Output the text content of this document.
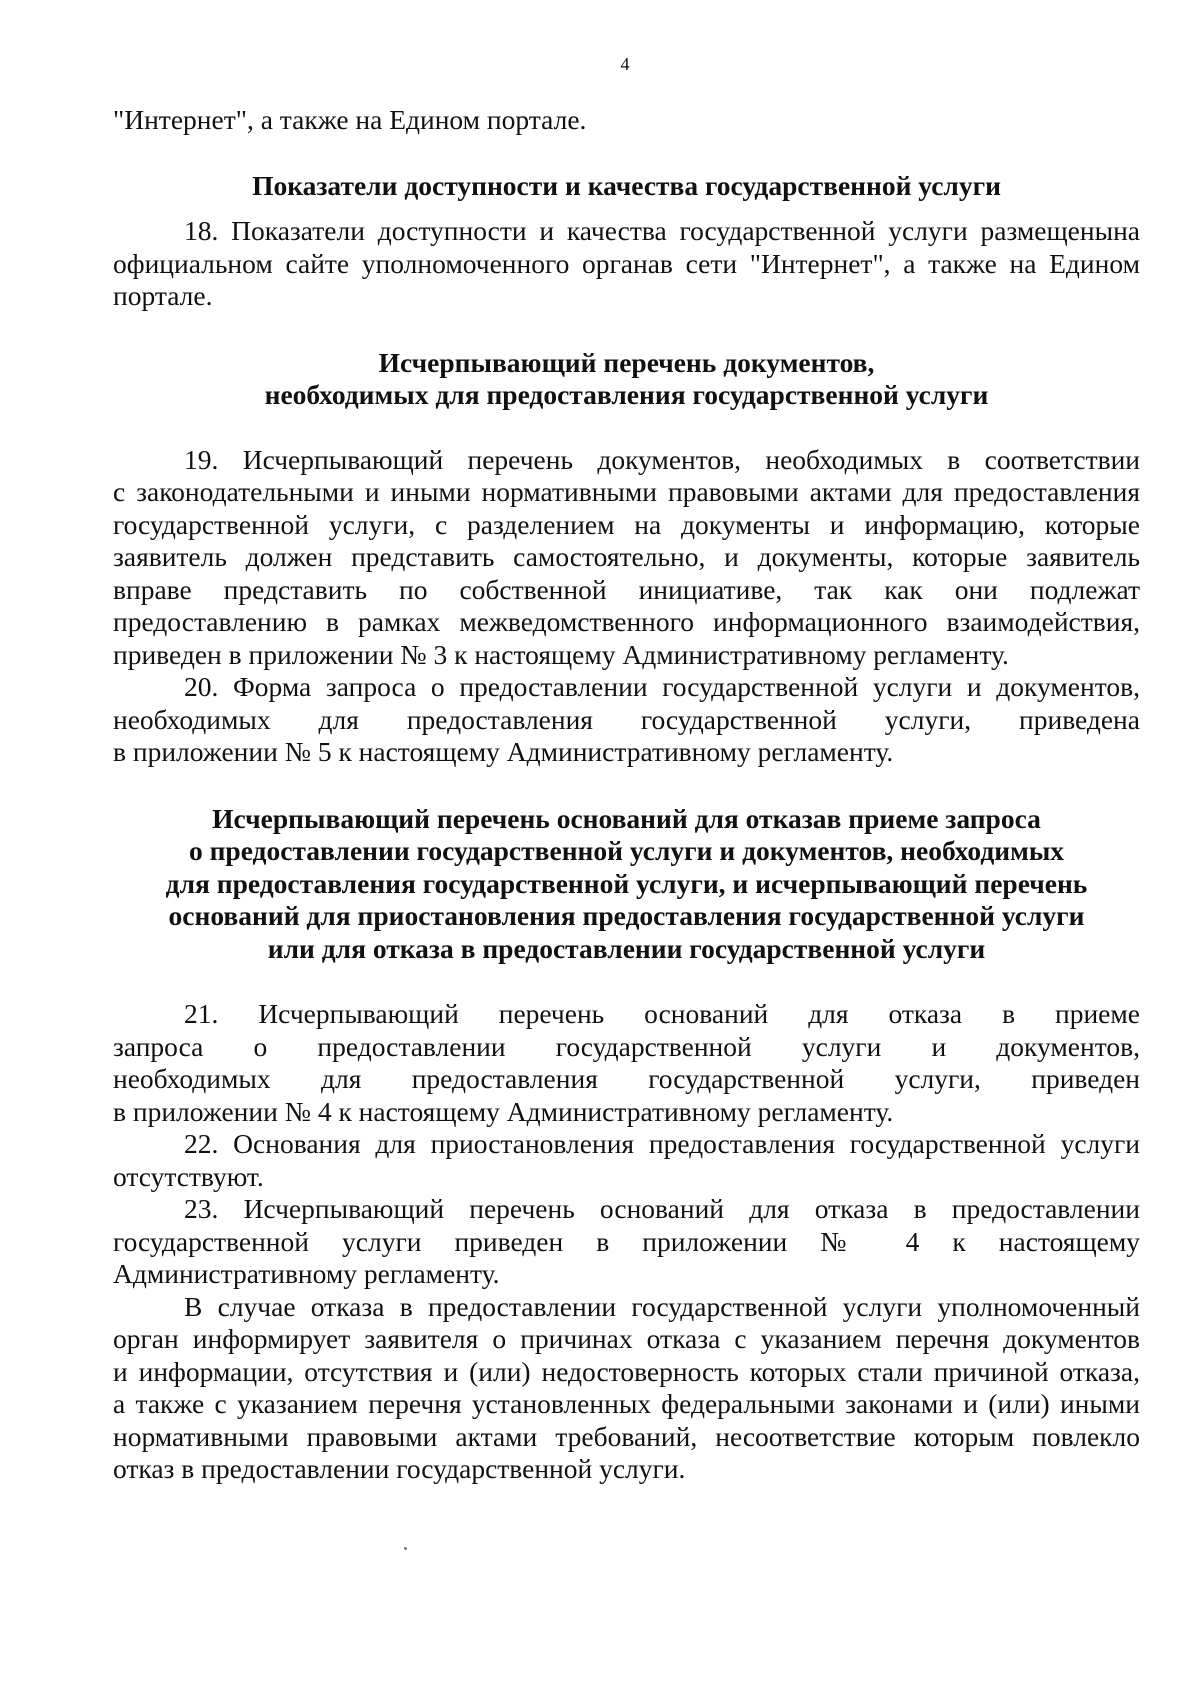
4

"Интернет", а также на Едином портале.

Показатели доступности и качества государственной услуги

18. Показатели доступности и качества государственной услуги размещенына

официальном сайте уполномоченного органав сети "Интернет", а также на Едином

портале.

Исчерпывающий перечень документов,

необходимых для предоставления государственной услуги

19. Исчерпывающий перечень документов, необходимых в соответствии

с законодательными и иными нормативными правовыми актами для предоставления

государственной услуги, с разделением на документы и информацию, которые

заявитель должен представить самостоятельно, и документы, которые заявитель

вправе представить по собственной инициативе, так как они подлежат

предоставлению в рамках межведомственного информационного взаимодействия,

приведен в приложении № 3 к настоящему Административному регламенту.

20. Форма запроса о предоставлении государственной услуги и документов,

необходимых для предоставления государственной услуги, приведена

в приложении № 5 к настоящему Административному регламенту.

Исчерпывающий перечень оснований для отказав приеме запроса

о предоставлении государственной услуги и документов, необходимых

для предоставления государственной услуги, и исчерпывающий перечень

оснований для приостановления предоставления государственной услуги

или для отказа в предоставлении государственной услуги

21. Исчерпывающий перечень оснований для отказа в приеме

запроса о предоставлении государственной услуги и документов,

необходимых для предоставления государственной услуги, приведен

в приложении № 4 к настоящему Административному регламенту.

22. Основания для приостановления предоставления государственной услуги

отсутствуют.

23. Исчерпывающий перечень оснований для отказа в предоставлении

государственной услуги приведен в приложении № 4 к настоящему

Административному регламенту.

В случае отказа в предоставлении государственной услуги уполномоченный

орган информирует заявителя о причинах отказа с указанием перечня документов

и информации, отсутствия и (или) недостоверность которых стали причиной отказа,

а также с указанием перечня установленных федеральными законами и (или) иными

нормативными правовыми актами требований, несоответствие которым повлекло

отказ в предоставлении государственной услуги.
